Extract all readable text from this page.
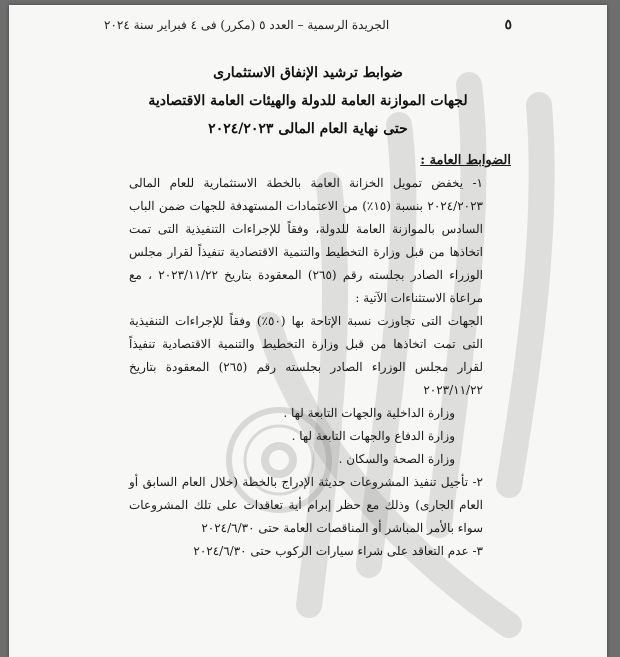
٥
الجريدة الرسمية – العدد ٥ (مكرر) فى ٤ فبراير سنة ٢٠٢٤
ضوابط ترشيد الإنفاق الاستثمارى
لجهات الموازنة العامة للدولة والهيئات العامة الاقتصادية
حتى نهاية العام المالى ٢٠٢٤/٢٠٢٣

الضوابط العامة :

١- يخفض تمويل الخزانة العامة بالخطة الاستثمارية للعام المالى ٢٠٢٤/٢٠٢٣ بنسبة (١٥٪) من الاعتمادات المستهدفة للجهات ضمن الباب السادس بالموازنة العامة للدولة، وفقاً للإجراءات التنفيذية التى تمت اتخاذها من قبل وزارة التخطيط والتنمية الاقتصادية تنفيذاً لقرار مجلس الوزراء الصادر بجلسته رقم (٢٦٥) المعقودة بتاريخ ٢٠٢٣/١١/٢٢ ، مع مراعاة الاستثناءات الآتية :

الجهات التى تجاوزت نسبة الإتاحة بها (٥٠٪) وفقاً للإجراءات التنفيذية التى تمت اتخاذها من قبل وزارة التخطيط والتنمية الاقتصادية تنفيذاً لقرار مجلس الوزراء الصادر بجلسته رقم (٢٦٥) المعقودة بتاريخ ٢٠٢٣/١١/٢٢

وزارة الداخلية والجهات التابعة لها .

وزارة الدفاع والجهات التابعة لها .

وزارة الصحة والسكان .

٢- تأجيل تنفيذ المشروعات حديثة الإدراج بالخطة (خلال العام السابق أو العام الجارى) وذلك مع حظر إبرام أية تعاقدات على تلك المشروعات سواء بالأمر المباشر أو المناقصات العامة حتى ٢٠٢٤/٦/٣٠

٣- عدم التعاقد على شراء سيارات الركوب حتى ٢٠٢٤/٦/٣٠
